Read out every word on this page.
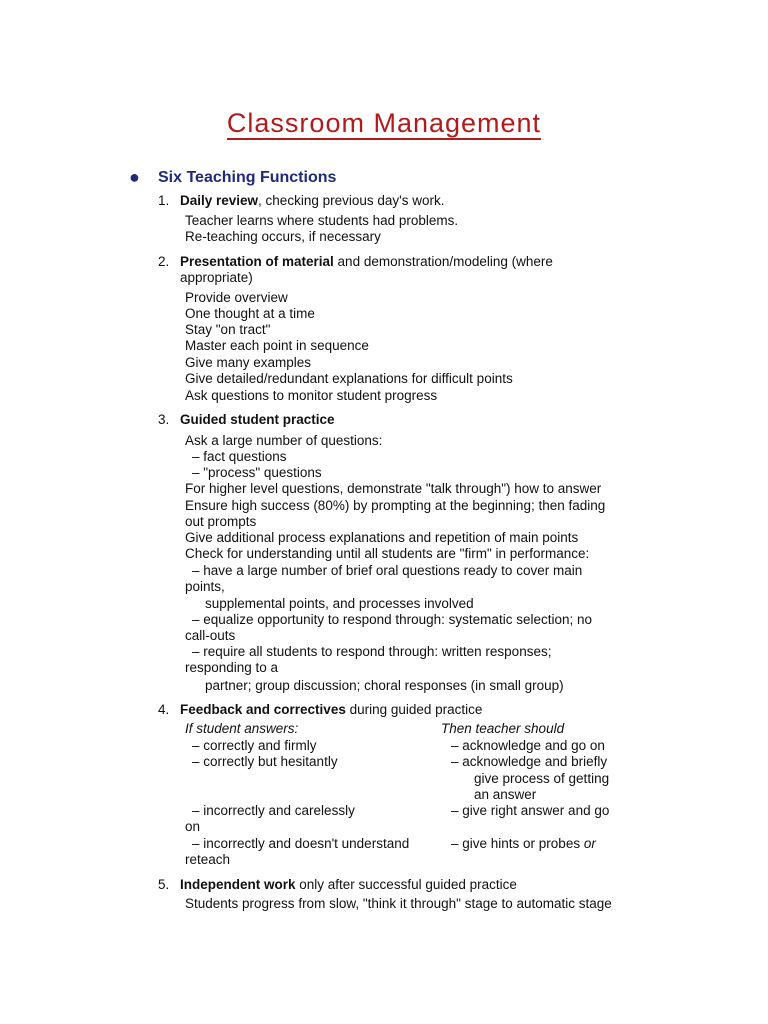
Classroom Management
● Six Teaching Functions
1. Daily review, checking previous day's work.
Teacher learns where students had problems.
Re-teaching occurs, if necessary
2. Presentation of material and demonstration/modeling (where
appropriate)
Provide overview
One thought at a time
Stay "on tract"
Master each point in sequence
Give many examples
Give detailed/redundant explanations for difficult points
Ask questions to monitor student progress
3. Guided student practice
Ask a large number of questions:
– fact questions
– "process" questions
For higher level questions, demonstrate "talk through") how to answer
Ensure high success (80%) by prompting at the beginning; then fading
out prompts
Give additional process explanations and repetition of main points
Check for understanding until all students are "firm" in performance:
– have a large number of brief oral questions ready to cover main
points,
supplemental points, and processes involved
– equalize opportunity to respond through: systematic selection; no
call-outs
– require all students to respond through: written responses;
responding to a
partner; group discussion; choral responses (in small group)
4. Feedback and correctives during guided practice
If student answers:	Then teacher should
– correctly and firmly
– correctly but hesitantly
– incorrectly and carelessly
on
– incorrectly and doesn't understand
reteach
– acknowledge and go on
– acknowledge and briefly
give process of getting
an answer
– give right answer and go
– give hints or probes or
5. Independent work only after successful guided practice
Students progress from slow, "think it through" stage to automatic stage
